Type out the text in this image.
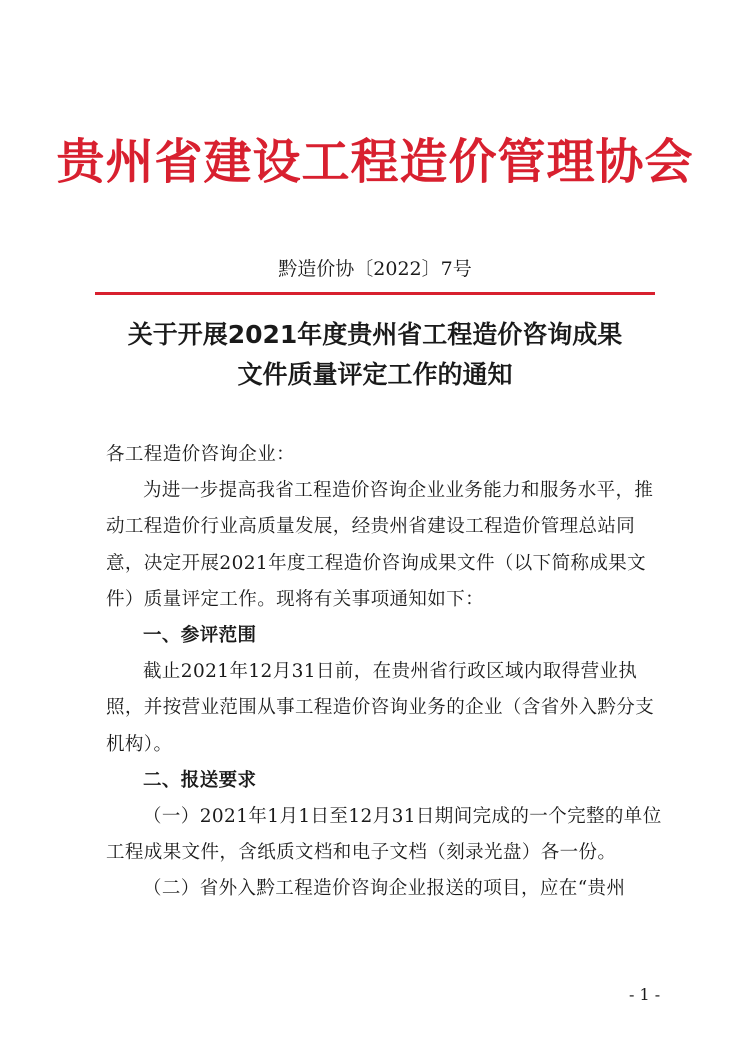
贵州省建设工程造价管理协会
黔造价协〔2022〕7号
关于开展2021年度贵州省工程造价咨询成果
文件质量评定工作的通知

各工程造价咨询企业：

为进一步提高我省工程造价咨询企业业务能力和服务水平，推动工程造价行业高质量发展，经贵州省建设工程造价管理总站同意，决定开展2021年度工程造价咨询成果文件（以下简称成果文件）质量评定工作。现将有关事项通知如下：

一、参评范围

截止2021年12月31日前，在贵州省行政区域内取得营业执照，并按营业范围从事工程造价咨询业务的企业（含省外入黔分支机构）。

二、报送要求

（一）2021年1月1日至12月31日期间完成的一个完整的单位工程成果文件，含纸质文档和电子文档（刻录光盘）各一份。

（二）省外入黔工程造价咨询企业报送的项目，应在“贵州

- 1 -
